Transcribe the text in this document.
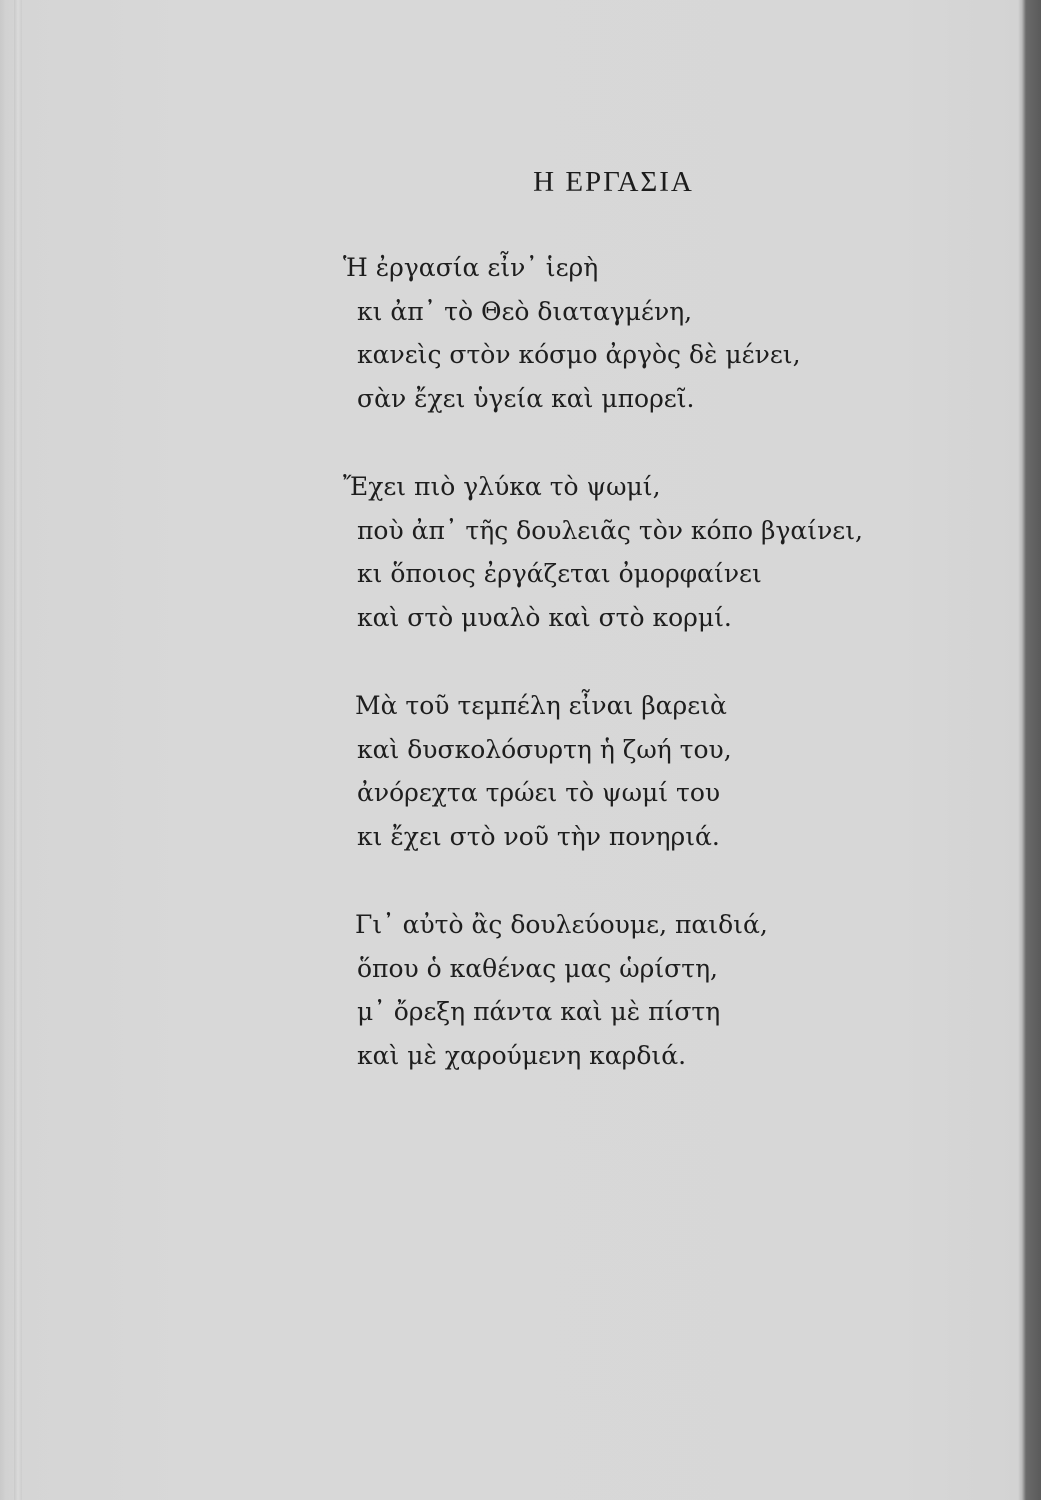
Η ΕΡΓΑΣΙΑ
Ἡ ἐργασία εἶν᾿ ἱερὴ
κι ἀπ᾿ τὸ Θεὸ διαταγμένη,
κανεὶς στὸν κόσμο ἀργὸς δὲ μένει,
σὰν ἔχει ὑγεία καὶ μπορεῖ.
Ἔχει πιὸ γλύκα τὸ ψωμί,
ποὺ ἀπ᾿ τῆς δουλειᾶς τὸν κόπο βγαίνει,
κι ὅποιος ἐργάζεται ὀμορφαίνει
καὶ στὸ μυαλὸ καὶ στὸ κορμί.
Μὰ τοῦ τεμπέλη εἶναι βαρειὰ
καὶ δυσκολόσυρτη ἡ ζωή του,
ἀνόρεχτα τρώει τὸ ψωμί του
κι ἔχει στὸ νοῦ τὴν πονηριά.
Γι᾿ αὐτὸ ἂς δουλεύουμε, παιδιά,
ὅπου ὁ καθένας μας ὡρίστη,
μ᾿ ὄρεξη πάντα καὶ μὲ πίστη
καὶ μὲ χαρούμενη καρδιά.
